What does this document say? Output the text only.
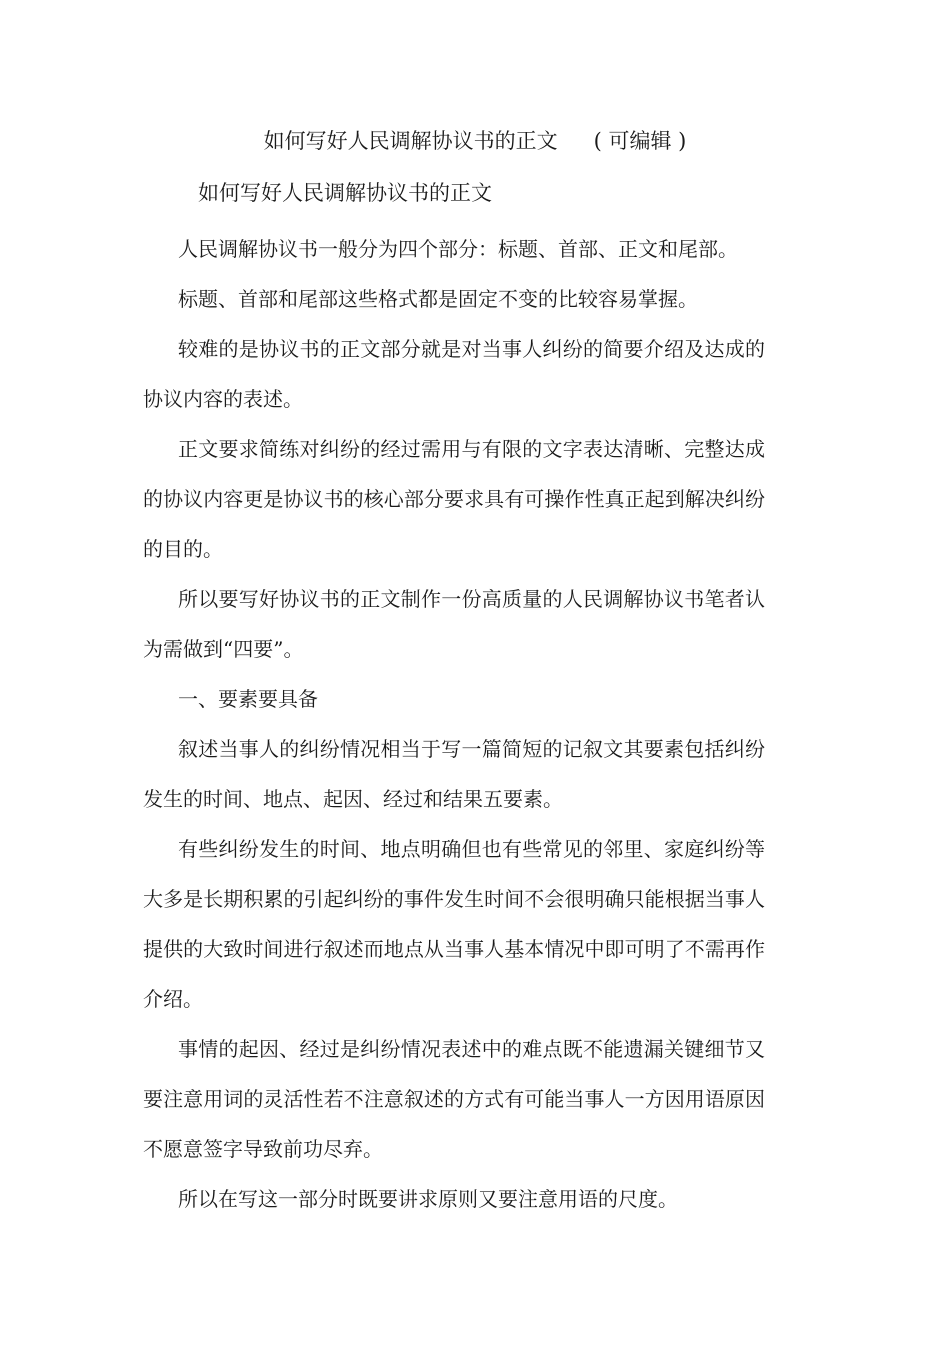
如何写好人民调解协议书的正文 ( 可编辑 )
如何写好人民调解协议书的正文

人民调解协议书一般分为四个部分：标题、首部、正文和尾部。

标题、首部和尾部这些格式都是固定不变的比较容易掌握。

较难的是协议书的正文部分就是对当事人纠纷的简要介绍及达成的协议内容的表述。

正文要求简练对纠纷的经过需用与有限的文字表达清晰、完整达成的协议内容更是协议书的核心部分要求具有可操作性真正起到解决纠纷的目的。

所以要写好协议书的正文制作一份高质量的人民调解协议书笔者认为需做到“四要”。

一、要素要具备

叙述当事人的纠纷情况相当于写一篇简短的记叙文其要素包括纠纷发生的时间、地点、起因、经过和结果五要素。

有些纠纷发生的时间、地点明确但也有些常见的邻里、家庭纠纷等大多是长期积累的引起纠纷的事件发生时间不会很明确只能根据当事人提供的大致时间进行叙述而地点从当事人基本情况中即可明了不需再作介绍。

事情的起因、经过是纠纷情况表述中的难点既不能遗漏关键细节又要注意用词的灵活性若不注意叙述的方式有可能当事人一方因用语原因不愿意签字导致前功尽弃。

所以在写这一部分时既要讲求原则又要注意用语的尺度。
